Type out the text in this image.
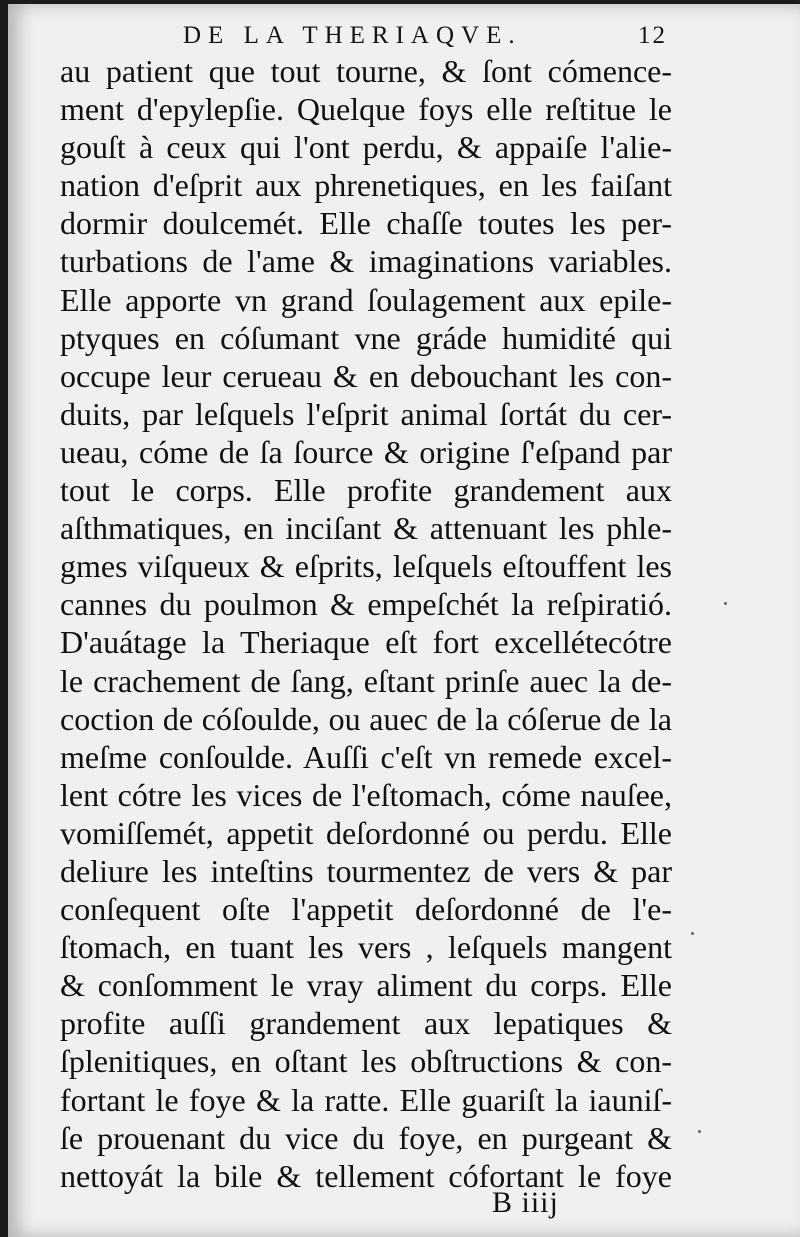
DE LA THERIAQVE.	12
au patient que tout tourne, & ſont cómence-
ment d'epylepſie. Quelque foys elle reſtitue le
gouſt à ceux qui l'ont perdu, & appaiſe l'alie-
nation d'eſprit aux phrenetiques, en les faiſant
dormir doulcemét. Elle chaſſe toutes les per-
turbations de l'ame & imaginations variables.
Elle apporte vn grand ſoulagement aux epile-
ptyques en cóſumant vne gráde humidité qui
occupe leur cerueau & en debouchant les con-
duits, par leſquels l'eſprit animal ſortát du cer-
ueau, cóme de ſa ſource & origine ſ'eſpand par
tout le corps. Elle profite grandement aux
aſthmatiques, en inciſant & attenuant les phle-
gmes viſqueux & eſprits, leſquels eſtouffent les
cannes du poulmon & empeſchét la reſpiratió.
D'auátage la Theriaque eſt fort excellétecótre
le crachement de ſang, eſtant prinſe auec la de-
coction de cóſoulde, ou auec de la cóſerue de la
meſme conſoulde. Auſſi c'eſt vn remede excel-
lent cótre les vices de l'eſtomach, cóme nauſee,
vomiſſemét, appetit deſordonné ou perdu. Elle
deliure les inteſtins tourmentez de vers & par
conſequent oſte l'appetit deſordonné de l'e-
ſtomach, en tuant les vers , leſquels mangent
& conſomment le vray aliment du corps. Elle
profite auſſi grandement aux lepatiques &
ſplenitiques, en oſtant les obſtructions & con-
fortant le foye & la ratte. Elle guariſt la iauniſ-
ſe prouenant du vice du foye, en purgeant &
nettoyát la bile & tellement cófortant le foye
B iiij
